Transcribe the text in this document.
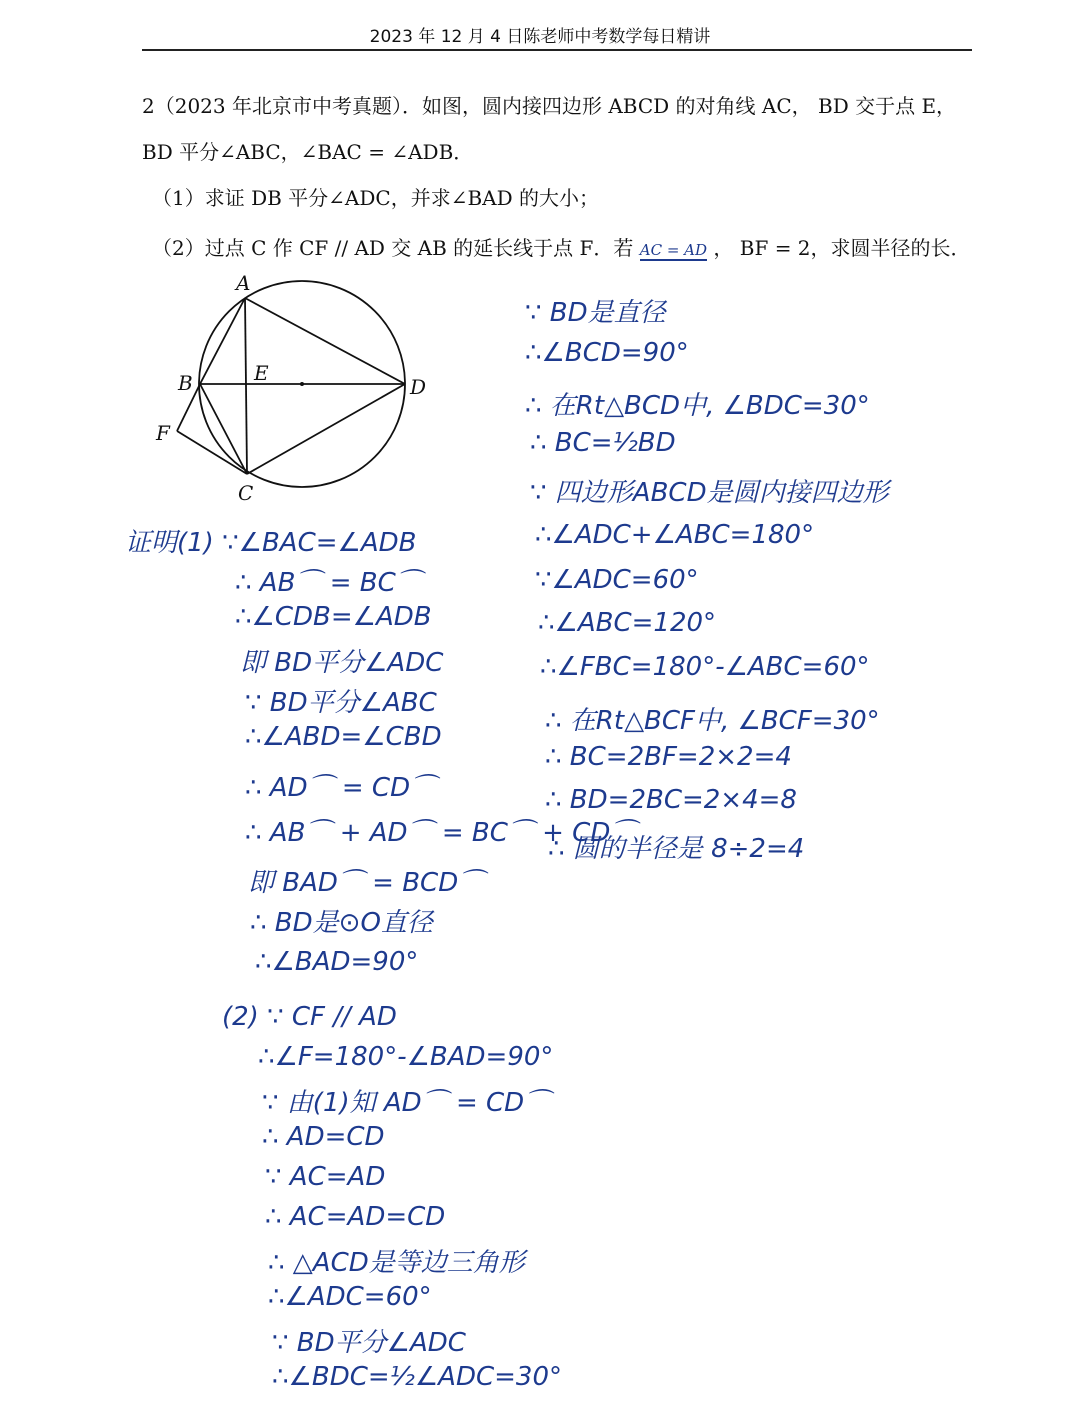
2023 年 12 月 4 日陈老师中考数学每日精讲
2（2023 年北京市中考真题）．如图，圆内接四边形 ABCD 的对角线 AC， BD 交于点 E，
BD 平分∠ABC，∠BAC = ∠ADB．
（1）求证 DB 平分∠ADC，并求∠BAD 的大小；
（2）过点 C 作 CF // AD 交 AB 的延长线于点 F．若 AC = AD ， BF = 2，求圆半径的长．
A
B
C
D
E
F
证明(1) ∵∠BAC=∠ADB
∴ AB⌒ = BC⌒
∴∠CDB=∠ADB
即 BD平分∠ADC
∵ BD平分∠ABC
∴∠ABD=∠CBD
∴ AD⌒ = CD⌒
∴ AB⌒ + AD⌒ = BC⌒ + CD⌒
即 BAD⌒ = BCD⌒
∴ BD是⊙O直径
∴∠BAD=90°
(2) ∵ CF // AD
∴∠F=180°-∠BAD=90°
∵ 由(1)知 AD⌒ = CD⌒
∴ AD=CD
∵ AC=AD
∴ AC=AD=CD
∴ △ACD是等边三角形
∴∠ADC=60°
∵ BD平分∠ADC
∴∠BDC=½∠ADC=30°
∵ BD是直径
∴∠BCD=90°
∴ 在Rt△BCD中, ∠BDC=30°
∴ BC=½BD
∵ 四边形ABCD是圆内接四边形
∴∠ADC+∠ABC=180°
∵∠ADC=60°
∴∠ABC=120°
∴∠FBC=180°-∠ABC=60°
∴ 在Rt△BCF中, ∠BCF=30°
∴ BC=2BF=2×2=4
∴ BD=2BC=2×4=8
∴ 圆的半径是 8÷2=4
